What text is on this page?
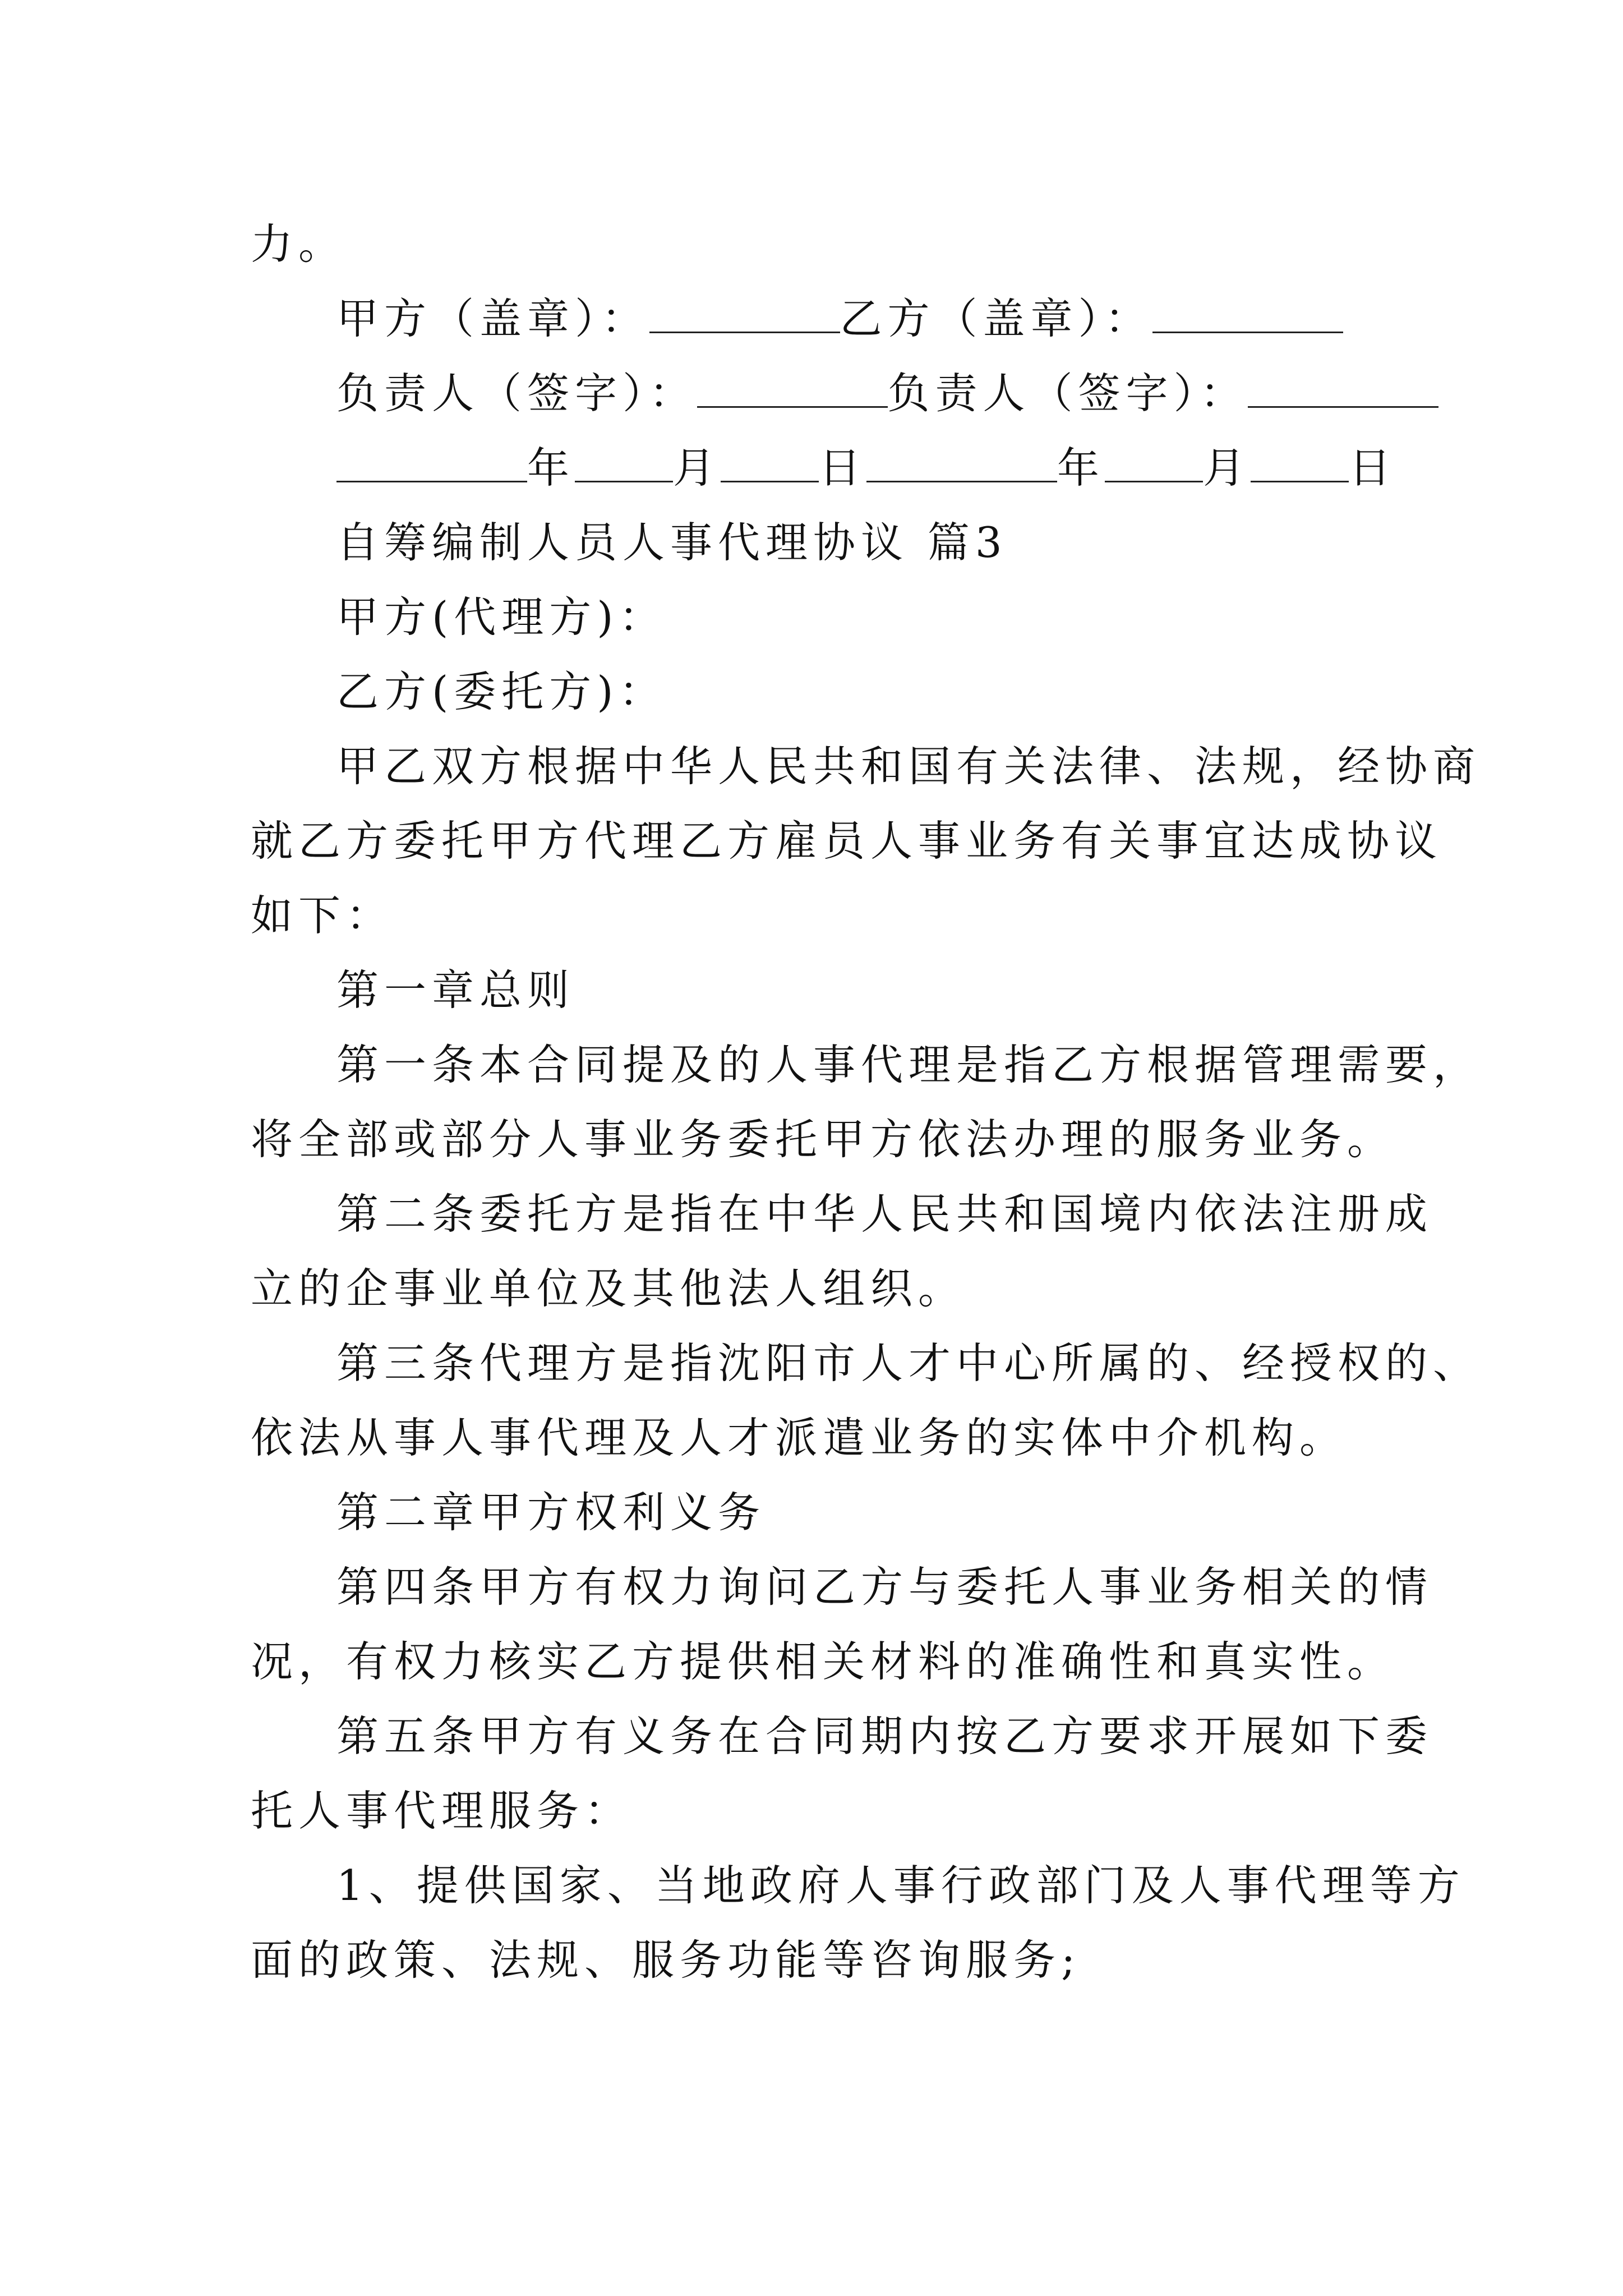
力。
甲方（盖章）：	乙方（盖章）：
负责人（签字）：	负责人（签字）：
年 月 日	年 月 日
自筹编制人员人事代理协议 篇3
甲方(代理方)：
乙方(委托方)：
甲乙双方根据中华人民共和国有关法律、法规，经协商
就乙方委托甲方代理乙方雇员人事业务有关事宜达成协议
如下：
第一章总则
第一条本合同提及的人事代理是指乙方根据管理需要，
将全部或部分人事业务委托甲方依法办理的服务业务。
第二条委托方是指在中华人民共和国境内依法注册成
立的企事业单位及其他法人组织。
第三条代理方是指沈阳市人才中心所属的、经授权的、
依法从事人事代理及人才派遣业务的实体中介机构。
第二章甲方权利义务
第四条甲方有权力询问乙方与委托人事业务相关的情
况，有权力核实乙方提供相关材料的准确性和真实性。
第五条甲方有义务在合同期内按乙方要求开展如下委
托人事代理服务：
1、提供国家、当地政府人事行政部门及人事代理等方
面的政策、法规、服务功能等咨询服务;
